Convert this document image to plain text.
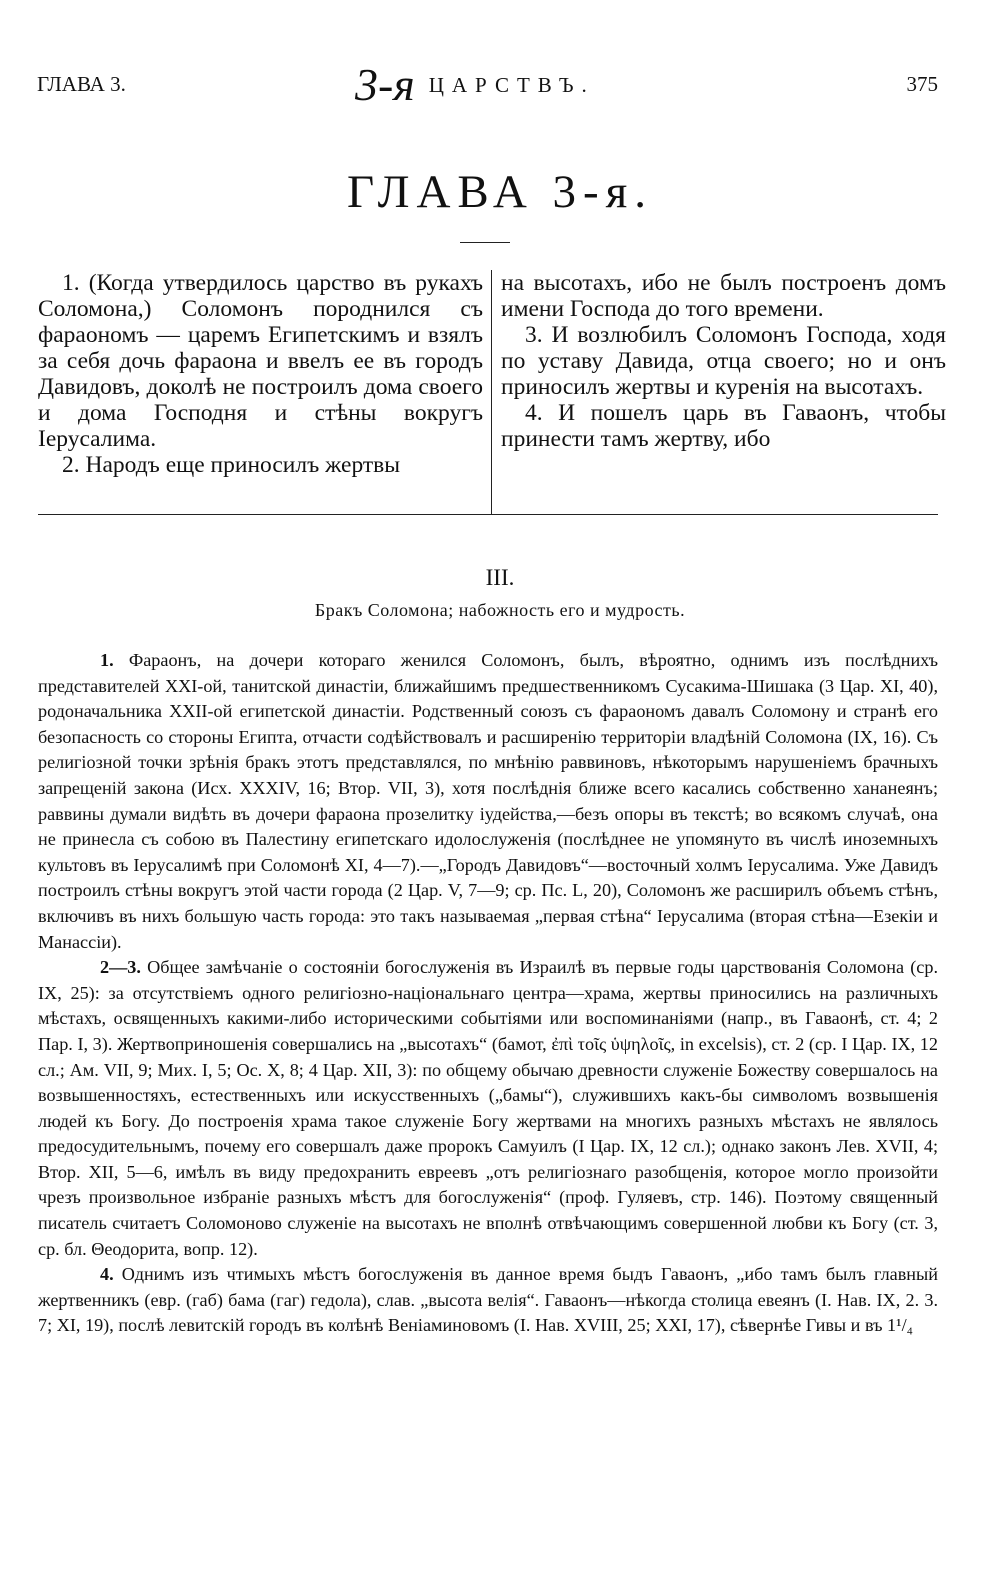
ГЛАВА 3.	3-я ЦАРСТВЪ.	375
ГЛАВА 3-я.

1. (Когда утвердилось царство въ рукахъ Соломона,) Соломонъ породнился съ фараономъ — царемъ Египетскимъ и взялъ за себя дочь фараона и ввелъ ее въ городъ Давидовъ, доколѣ не построилъ дома своего и дома Господня и стѣны вокругъ Іерусалима.

2. Народъ еще приносилъ жертвы

на высотахъ, ибо не былъ построенъ домъ имени Господа до того времени.

3. И возлюбилъ Соломонъ Господа, ходя по уставу Давида, отца своего; но и онъ приносилъ жертвы и куренія на высотахъ.

4. И пошелъ царь въ Гаваонъ, чтобы принести тамъ жертву, ибо

III.
Бракъ Соломона; набожность его и мудрость.

1. Фараонъ, на дочери котораго женился Соломонъ, былъ, вѣроятно, однимъ изъ послѣднихъ представителей XXI-ой, танитской династіи, ближайшимъ предшественникомъ Сусакима-Шишака (3 Цар. XI, 40), родоначальника XXII-ой египетской династіи. Родственный союзъ съ фараономъ давалъ Соломону и странѣ его безопасность со стороны Египта, отчасти содѣйствовалъ и расширенію территоріи владѣній Соломона (IX, 16). Съ религіозной точки зрѣнія бракъ этотъ представлялся, по мнѣнію раввиновъ, нѣкоторымъ нарушеніемъ брачныхъ запрещеній закона (Исх. XXXIV, 16; Втор. VII, 3), хотя послѣднія ближе всего касались собственно хананеянъ; раввины думали видѣть въ дочери фараона прозелитку іудейства,—безъ опоры въ текстѣ; во всякомъ случаѣ, она не принесла съ собою въ Палестину египетскаго идолослуженія (послѣднее не упомянуто въ числѣ иноземныхъ культовъ въ Іерусалимѣ при Соломонѣ XI, 4—7).—„Городъ Давидовъ“—восточный холмъ Іерусалима. Уже Давидъ построилъ стѣны вокругъ этой части города (2 Цар. V, 7—9; ср. Пс. L, 20), Соломонъ же расширилъ объемъ стѣнъ, включивъ въ нихъ большую часть города: это такъ называемая „первая стѣна“ Іерусалима (вторая стѣна—Езекіи и Манассіи).

2—3. Общее замѣчаніе о состояніи богослуженія въ Израилѣ въ первые годы царствованія Соломона (ср. IX, 25): за отсутствіемъ одного религіозно-національнаго центра—храма, жертвы приносились на различныхъ мѣстахъ, освященныхъ какими-либо историческими событіями или воспоминаніями (напр., въ Гаваонѣ, ст. 4; 2 Пар. I, 3). Жертвоприношенія совершались на „высотахъ“ (бамот, ἐπὶ τοῖς ὑψηλοῖς, in excelsis), ст. 2 (ср. I Цар. IX, 12 сл.; Ам. VII, 9; Мих. I, 5; Ос. X, 8; 4 Цар. XII, 3): по общему обычаю древности служеніе Божеству совершалось на возвышенностяхъ, естественныхъ или искусственныхъ („бамы“), служившихъ какъ-бы символомъ возвышенія людей къ Богу. До построенія храма такое служеніе Богу жертвами на многихъ разныхъ мѣстахъ не являлось предосудительнымъ, почему его совершалъ даже пророкъ Самуилъ (I Цар. IX, 12 сл.); однако законъ Лев. XVII, 4; Втор. XII, 5—6, имѣлъ въ виду предохранить евреевъ „отъ религіознаго разобщенія, которое могло произойти чрезъ произвольное избраніе разныхъ мѣстъ для богослуженія“ (проф. Гуляевъ, стр. 146). Поэтому священный писатель считаетъ Соломоново служеніе на высотахъ не вполнѣ отвѣчающимъ совершенной любви къ Богу (ст. 3, ср. бл. Θеодорита, вопр. 12).

4. Однимъ изъ чтимыхъ мѣстъ богослуженія въ данное время быдъ Гаваонъ, „ибо тамъ былъ главный жертвенникъ (евр. (габ) бама (гаг) гедола), слав. „высота велія“. Гаваонъ—нѣкогда столица евеянъ (I. Нав. IX, 2. 3. 7; XI, 19), послѣ левитскій городъ въ колѣнѣ Веніаминовомъ (I. Нав. XVIII, 25; XXI, 17), сѣвернѣе Гивы и въ 1¹/₄
